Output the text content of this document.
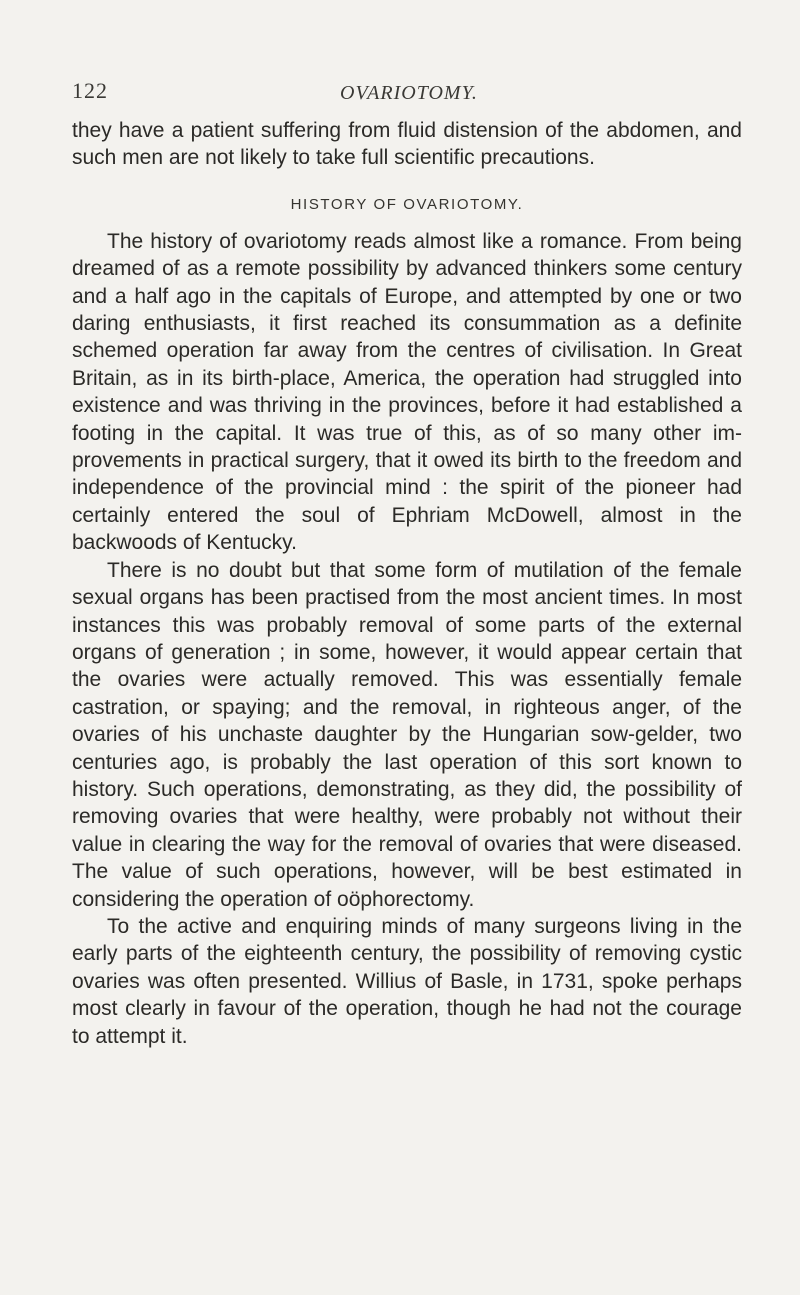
122	OVARIOTOMY.

they have a patient suffering from fluid distension of the abdomen, and such men are not likely to take full scientific precautions.

HISTORY OF OVARIOTOMY.

The history of ovariotomy reads almost like a romance. From being dreamed of as a remote possibility by advanced thinkers some century and a half ago in the capitals of Europe, and attempted by one or two daring enthusiasts, it first reached its consummation as a definite schemed operation far away from the centres of civilisation. In Great Britain, as in its birth-place, America, the operation had struggled into existence and was thriving in the provinces, before it had established a footing in the capital. It was true of this, as of so many other im-provements in practical surgery, that it owed its birth to the freedom and independence of the provincial mind : the spirit of the pioneer had certainly entered the soul of Ephriam McDowell, almost in the backwoods of Kentucky.

There is no doubt but that some form of mutilation of the female sexual organs has been practised from the most ancient times. In most instances this was probably removal of some parts of the external organs of generation ; in some, however, it would appear certain that the ovaries were actually removed. This was essentially female castration, or spaying; and the removal, in righteous anger, of the ovaries of his unchaste daughter by the Hungarian sow-gelder, two centuries ago, is probably the last operation of this sort known to history. Such operations, demonstrating, as they did, the possibility of removing ovaries that were healthy, were probably not without their value in clearing the way for the removal of ovaries that were diseased. The value of such operations, however, will be best estimated in considering the operation of oöphorectomy.

To the active and enquiring minds of many surgeons living in the early parts of the eighteenth century, the possibility of removing cystic ovaries was often presented. Willius of Basle, in 1731, spoke perhaps most clearly in favour of the operation, though he had not the courage to attempt it.
